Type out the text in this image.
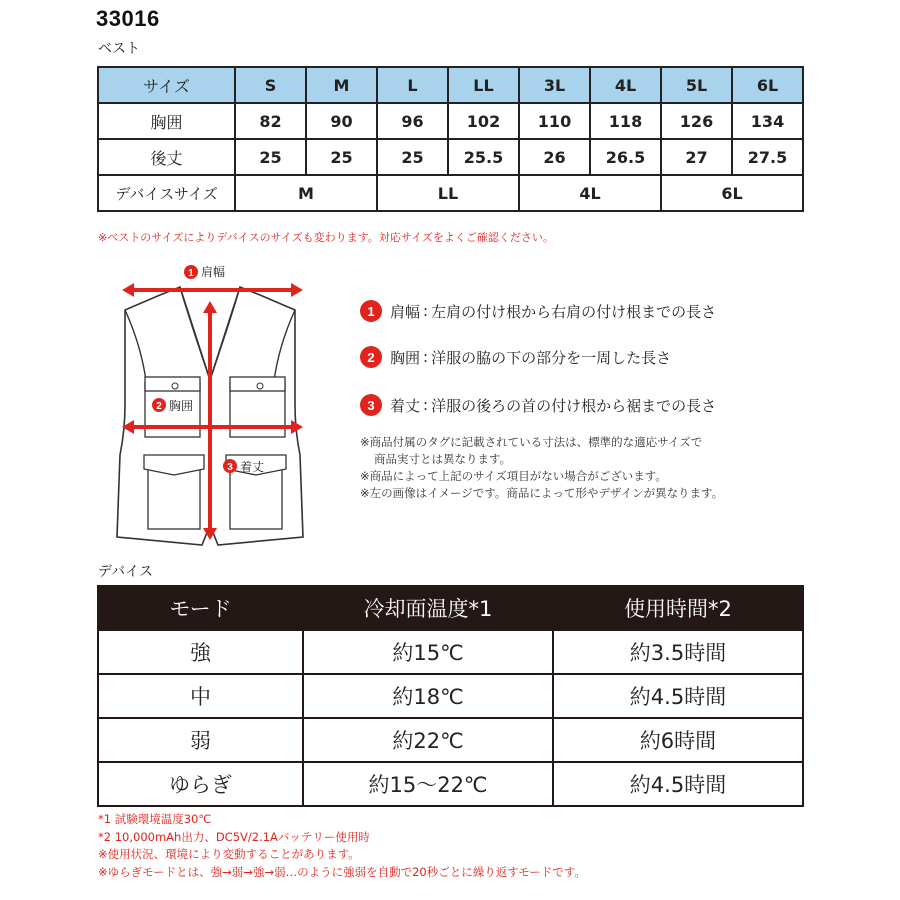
33016
ベスト
サイズ	S	M	L	LL	3L	4L	5L	6L
胸囲	82	90	96	102	110	118	126	134
後丈	25	25	25	25.5	26	26.5	27	27.5
デバイスサイズ	M		LL		4L		6L	
※ベストのサイズによりデバイスのサイズも変わります。対応サイズをよくご確認ください。
1
2
3
肩幅
胸囲
着丈
1	肩幅 : 左肩の付け根から右肩の付け根までの長さ
2	胸囲 : 洋服の脇の下の部分を一周した長さ
3	着丈 : 洋服の後ろの首の付け根から裾までの長さ
※商品付属のタグに記載されている寸法は、標準的な適応サイズで
商品実寸とは異なります。
※商品によって上記のサイズ項目がない場合がございます。
※左の画像はイメージです。商品によって形やデザインが異なります。
デバイス
モード	冷却面温度*1	使用時間*2
強	約15℃	約3.5時間
中	約18℃	約4.5時間
弱	約22℃	約6時間
ゆらぎ	約15〜22℃	約4.5時間
*1 試験環境温度30℃
*2 10,000mAh出力、DC5V/2.1Aバッテリー使用時
※使用状況、環境により変動することがあります。
※ゆらぎモードとは、強→弱→強→弱…のように強弱を自動で20秒ごとに繰り返すモードです。
